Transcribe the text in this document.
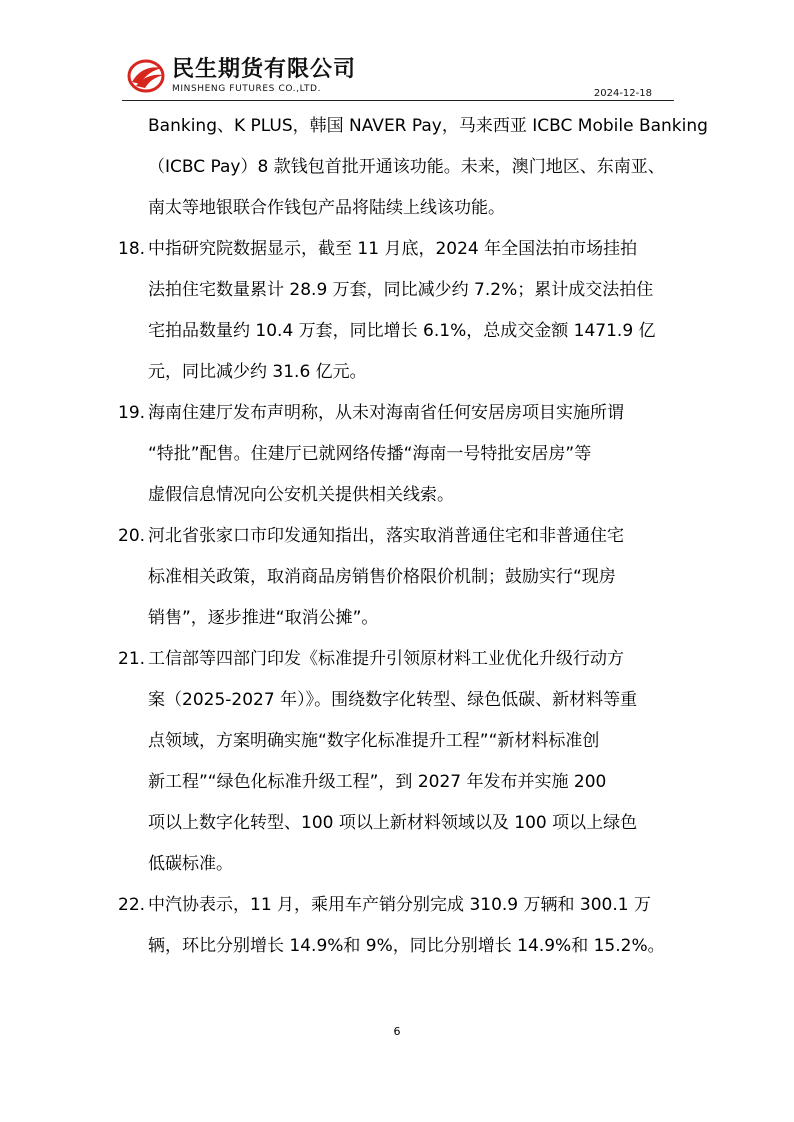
民生期货有限公司
MINSHENG FUTURES CO.,LTD.	2024-12-18
Banking、K PLUS，韩国 NAVER Pay，马来西亚 ICBC Mobile Banking
（ICBC Pay）8 款钱包首批开通该功能。未来，澳门地区、东南亚、
南太等地银联合作钱包产品将陆续上线该功能。
18. 中指研究院数据显示，截至 11 月底，2024 年全国法拍市场挂拍
法拍住宅数量累计 28.9 万套，同比减少约 7.2%；累计成交法拍住
宅拍品数量约 10.4 万套，同比增长 6.1%，总成交金额 1471.9 亿
元，同比减少约 31.6 亿元。
19. 海南住建厅发布声明称，从未对海南省任何安居房项目实施所谓
“特批”配售。住建厅已就网络传播“海南一号特批安居房”等
虚假信息情况向公安机关提供相关线索。
20. 河北省张家口市印发通知指出，落实取消普通住宅和非普通住宅
标准相关政策，取消商品房销售价格限价机制；鼓励实行“现房
销售”，逐步推进“取消公摊”。
21. 工信部等四部门印发《标准提升引领原材料工业优化升级行动方
案（2025-2027 年）》。围绕数字化转型、绿色低碳、新材料等重
点领域，方案明确实施“数字化标准提升工程”“新材料标准创
新工程”“绿色化标准升级工程”，到 2027 年发布并实施 200
项以上数字化转型、100 项以上新材料领域以及 100 项以上绿色
低碳标准。
22. 中汽协表示，11 月，乘用车产销分别完成 310.9 万辆和 300.1 万
辆，环比分别增长 14.9%和 9%，同比分别增长 14.9%和 15.2%。
6
